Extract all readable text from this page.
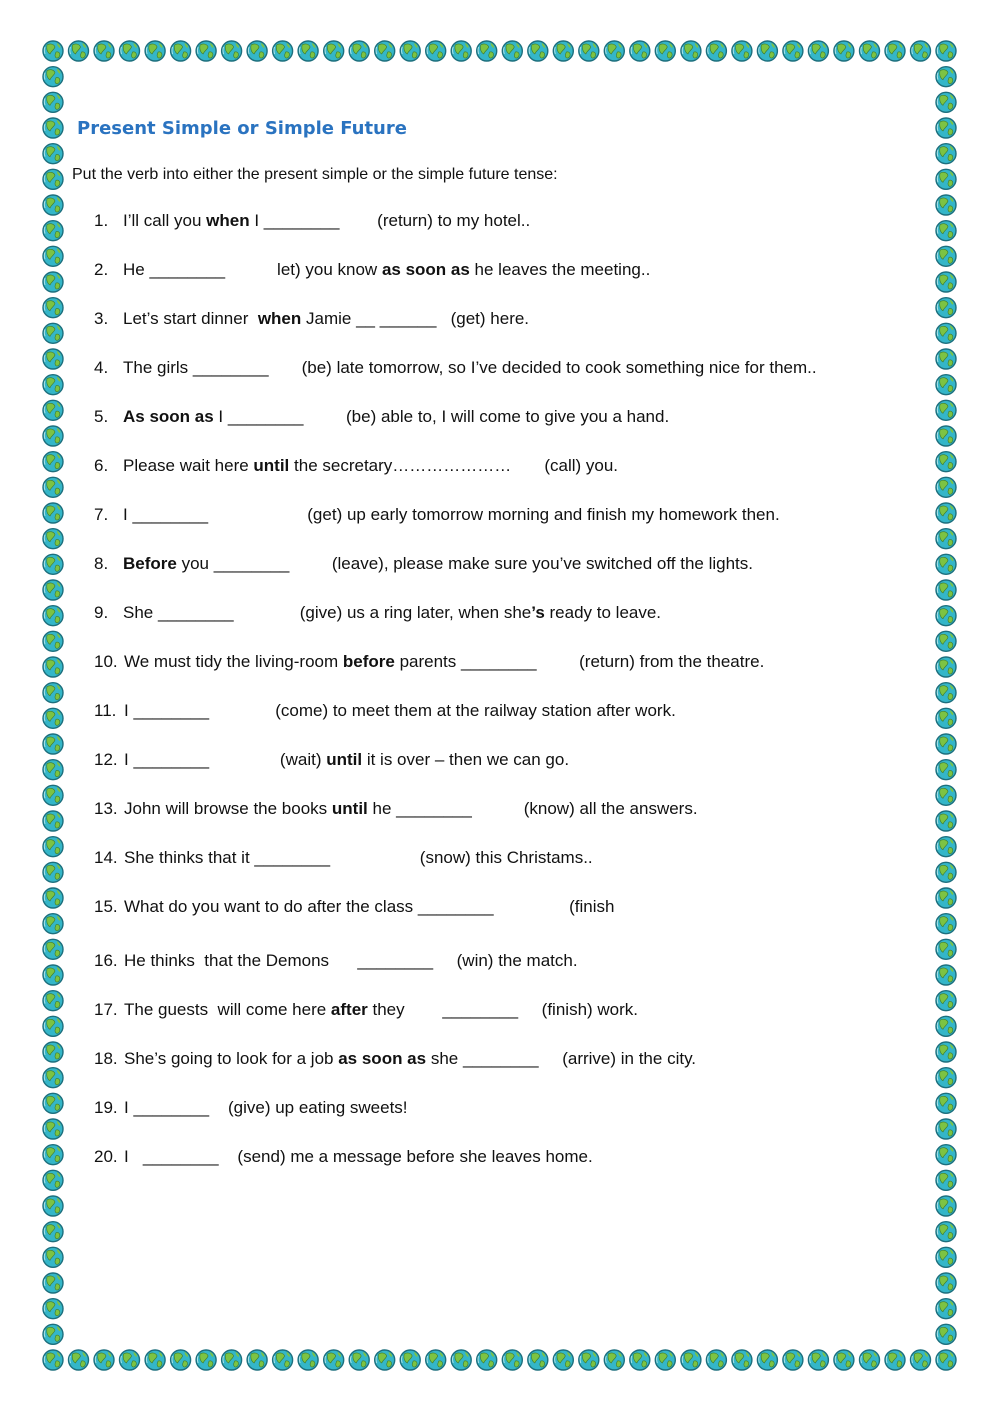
Present Simple or Simple Future
Put the verb into either the present simple or the simple future tense:
1. I’ll call you when I ________        (return) to my hotel..
2. He ________           let) you know as soon as he leaves the meeting..
3. Let’s start dinner  when Jamie __ ______   (get) here.
4. The girls ________       (be) late tomorrow, so I’ve decided to cook something nice for them..
5. As soon as I ________         (be) able to, I will come to give you a hand.
6. Please wait here until the secretary…………………       (call) you.
7. I ________                     (get) up early tomorrow morning and finish my homework then.
8. Before you ________         (leave), please make sure you’ve switched off the lights.
9. She ________              (give) us a ring later, when she’s ready to leave.
10. We must tidy the living-room before parents ________         (return) from the theatre.
11. I ________              (come) to meet them at the railway station after work.
12. I ________               (wait) until it is over – then we can go.
13. John will browse the books until he ________           (know) all the answers.
14. She thinks that it ________                   (snow) this Christams..
15. What do you want to do after the class ________                (finish
16. He thinks  that the Demons      ________     (win) the match.
17. The guests  will come here after they        ________     (finish) work.
18. She’s going to look for a job as soon as she ________     (arrive) in the city.
19. I ________    (give) up eating sweets!
20. I   ________    (send) me a message before she leaves home.
